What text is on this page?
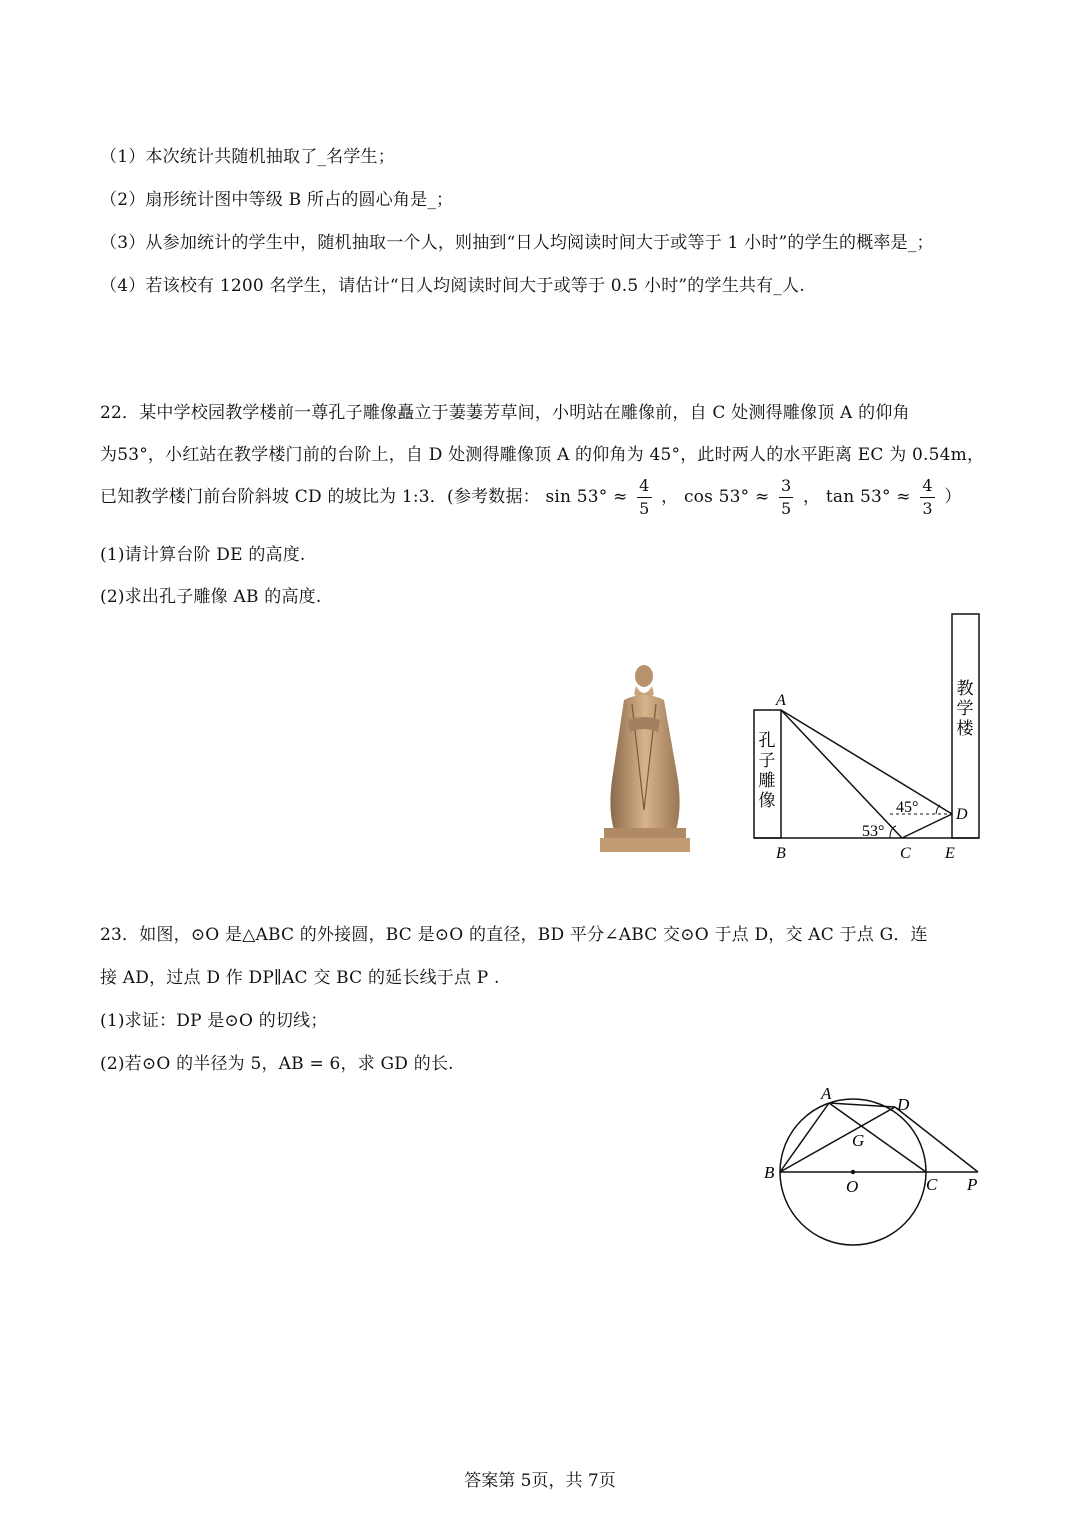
（1）本次统计共随机抽取了_名学生；
（2）扇形统计图中等级 B 所占的圆心角是_；
（3）从参加统计的学生中，随机抽取一个人，则抽到“日人均阅读时间大于或等于 1 小时”的学生的概率是_；
（4）若该校有 1200 名学生，请估计“日人均阅读时间大于或等于 0.5 小时”的学生共有_人.
22．某中学校园教学楼前一尊孔子雕像矗立于萋萋芳草间，小明站在雕像前，自 C 处测得雕像顶 A 的仰角
为53°，小红站在教学楼门前的台阶上，自 D 处测得雕像顶 A 的仰角为 45°，此时两人的水平距离 EC 为 0.54m，
已知教学楼门前台阶斜坡 CD 的坡比为 1:3．(参考数据： $\sin 53^\circ \approx \frac{4}{5}$ ， $\cos 53^\circ \approx \frac{3}{5}$ ， $\tan 53^\circ \approx \frac{4}{3}$ ）
(1)请计算台阶 DE 的高度.
(2)求出孔子雕像 AB 的高度.
孔
子
雕
像
教
学
楼
45°
53°
A
B	C
D
E
23．如图，⊙O 是△ABC 的外接圆，BC 是⊙O 的直径，BD 平分∠ABC 交⊙O 于点 D，交 AC 于点 G．连
接 AD，过点 D 作 DP∥AC 交 BC 的延长线于点 P .
(1)求证：DP 是⊙O 的切线；
(2)若⊙O 的半径为 5，AB = 6，求 GD 的长.
A
D
G
B
O	C P
答案第 5页，共 7页
